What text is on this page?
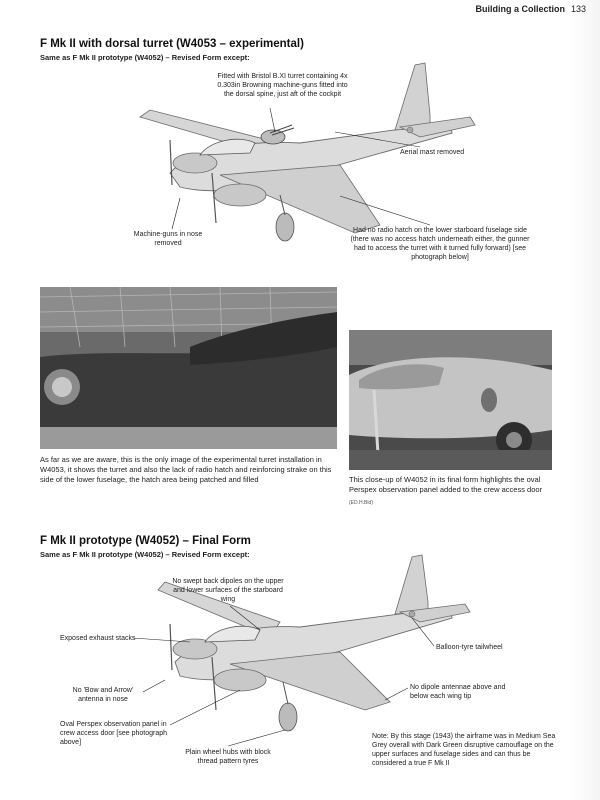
Building a Collection 133
F Mk II with dorsal turret (W4053 – experimental)
Same as F Mk II prototype (W4052) – Revised Form except:
Fitted with Bristol B.XI turret containing 4x 0.303in Browning machine-guns fitted into the dorsal spine, just aft of the cockpit
Aerial mast removed
Machine-guns in nose removed
Had no radio hatch on the lower starboard fuselage side (there was no access hatch underneath either, the gunner had to access the turret with it turned fully forward) [see photograph below]
As far as we are aware, this is the only image of the experimental turret installation in W4053, it shows the turret and also the lack of radio hatch and reinforcing strake on this side of the lower fuselage, the hatch area being patched and filled	This close-up of W4052 in its final form highlights the oval Perspex observation panel added to the crew access door
(ED.H.Bld)
F Mk II prototype (W4052) – Final Form
Same as F Mk II prototype (W4052) – Revised Form except:
No swept back dipoles on the upper and lower surfaces of the starboard wing
Exposed exhaust stacks
Balloon-tyre tailwheel
No 'Bow and Arrow' antenna in nose
No dipole antennae above and below each wing tip
Oval Perspex observation panel in crew access door [see photograph above]
Plain wheel hubs with block thread pattern tyres
Note: By this stage (1943) the airframe was in Medium Sea Grey overall with Dark Green disruptive camouflage on the upper surfaces and fuselage sides and can thus be considered a true F Mk II
